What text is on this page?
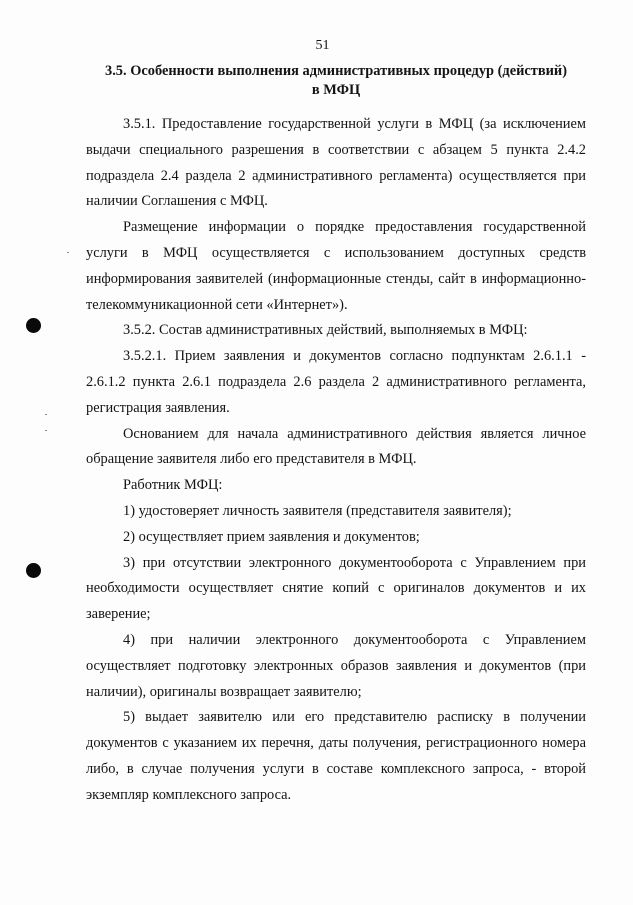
51
3.5. Особенности выполнения административных процедур (действий)
в МФЦ

3.5.1. Предоставление государственной услуги в МФЦ (за исключением выдачи специального разрешения в соответствии с абзацем 5 пункта 2.4.2 подраздела 2.4 раздела 2 административного регламента) осуществляется при наличии Соглашения с МФЦ.

Размещение информации о порядке предоставления государственной услуги в МФЦ осуществляется с использованием доступных средств информирования заявителей (информационные стенды, сайт в информационно-телекоммуникационной сети «Интернет»).

3.5.2. Состав административных действий, выполняемых в МФЦ:

3.5.2.1. Прием заявления и документов согласно подпунктам 2.6.1.1 - 2.6.1.2 пункта 2.6.1 подраздела 2.6 раздела 2 административного регламента, регистрация заявления.

Основанием для начала административного действия является личное обращение заявителя либо его представителя в МФЦ.

Работник МФЦ:

1) удостоверяет личность заявителя (представителя заявителя);

2) осуществляет прием заявления и документов;

3) при отсутствии электронного документооборота с Управлением при необходимости осуществляет снятие копий с оригиналов документов и их заверение;

4) при наличии электронного документооборота с Управлением осуществляет подготовку электронных образов заявления и документов (при наличии), оригиналы возвращает заявителю;

5) выдает заявителю или его представителю расписку в получении документов с указанием их перечня, даты получения, регистрационного номера либо, в случае получения услуги в составе комплексного запроса, - второй экземпляр комплексного запроса.
